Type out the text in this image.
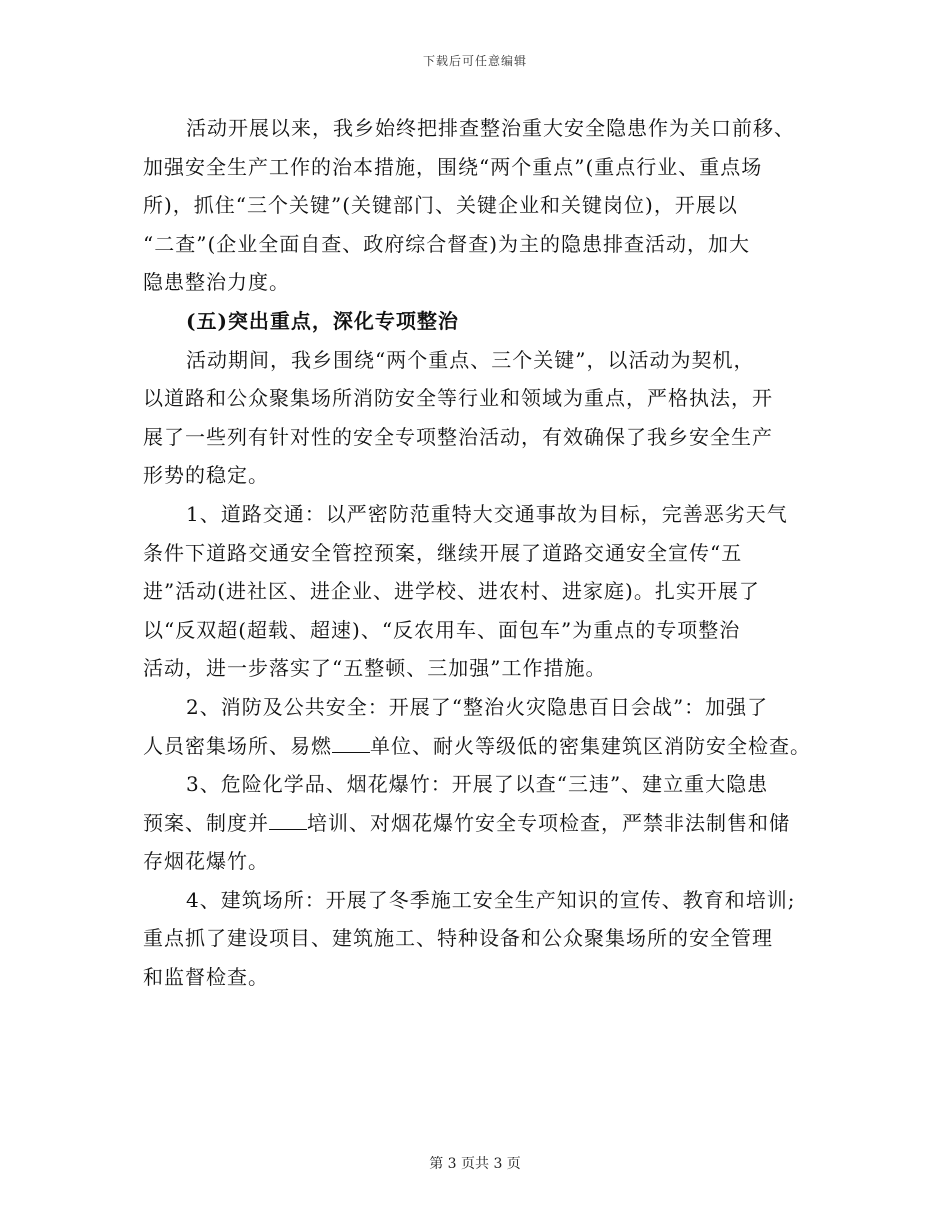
下载后可任意编辑
活动开展以来，我乡始终把排查整治重大安全隐患作为关口前移、
加强安全生产工作的治本措施，围绕“两个重点”(重点行业、重点场
所)，抓住“三个关键”(关键部门、关键企业和关键岗位)，开展以
“二查”(企业全面自查、政府综合督查)为主的隐患排查活动，加大
隐患整治力度。
(五)突出重点，深化专项整治
活动期间，我乡围绕“两个重点、三个关键”，以活动为契机，
以道路和公众聚集场所消防安全等行业和领域为重点，严格执法，开
展了一些列有针对性的安全专项整治活动，有效确保了我乡安全生产
形势的稳定。
1、道路交通：以严密防范重特大交通事故为目标，完善恶劣天气
条件下道路交通安全管控预案，继续开展了道路交通安全宣传“五
进”活动(进社区、进企业、进学校、进农村、进家庭)。扎实开展了
以“反双超(超载、超速)、“反农用车、面包车”为重点的专项整治
活动，进一步落实了“五整顿、三加强”工作措施。
2、消防及公共安全：开展了“整治火灾隐患百日会战”：加强了
人员密集场所、易燃 单位、耐火等级低的密集建筑区消防安全检查。
3、危险化学品、烟花爆竹：开展了以查“三违”、建立重大隐患
预案、制度并 培训、对烟花爆竹安全专项检查，严禁非法制售和储
存烟花爆竹。
4、建筑场所：开展了冬季施工安全生产知识的宣传、教育和培训;
重点抓了建设项目、建筑施工、特种设备和公众聚集场所的安全管理
和监督检查。
第 3 页共 3 页
